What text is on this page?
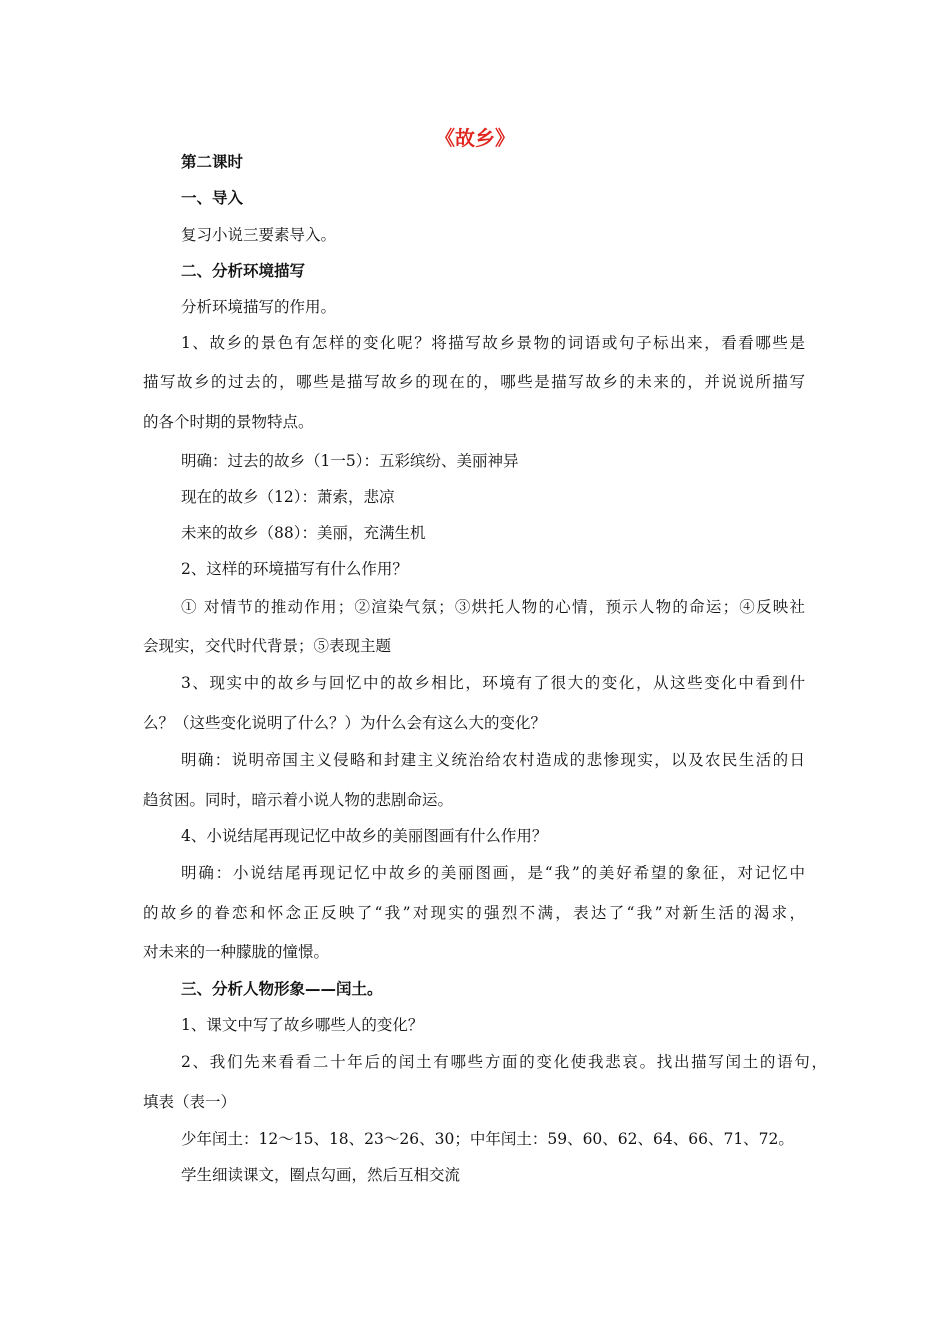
《故乡》
第二课时
一、导入
复习小说三要素导入。
二、分析环境描写
分析环境描写的作用。
1、故乡的景色有怎样的变化呢？将描写故乡景物的词语或句子标出来，看看哪些是
描写故乡的过去的，哪些是描写故乡的现在的，哪些是描写故乡的未来的，并说说所描写
的各个时期的景物特点。
明确：过去的故乡（1一5）：五彩缤纷、美丽神异
现在的故乡（12）：萧索，悲凉
未来的故乡（88）：美丽，充满生机
2、这样的环境描写有什么作用？
① 对情节的推动作用；②渲染气氛；③烘托人物的心情，预示人物的命运；④反映社
会现实，交代时代背景；⑤表现主题
3、现实中的故乡与回忆中的故乡相比，环境有了很大的变化，从这些变化中看到什
么？（这些变化说明了什么？）为什么会有这么大的变化？
明确：说明帝国主义侵略和封建主义统治给农村造成的悲惨现实，以及农民生活的日
趋贫困。同时，暗示着小说人物的悲剧命运。
4、小说结尾再现记忆中故乡的美丽图画有什么作用？
明确：小说结尾再现记忆中故乡的美丽图画，是“我”的美好希望的象征，对记忆中
的故乡的眷恋和怀念正反映了“我”对现实的强烈不满，表达了“我”对新生活的渴求，
对未来的一种朦胧的憧憬。
三、分析人物形象——闰土。
1、课文中写了故乡哪些人的变化？
2、我们先来看看二十年后的闰土有哪些方面的变化使我悲哀。找出描写闰土的语句，
填表（表一）
少年闰土：12～15、18、23～26、30；中年闰土：59、60、62、64、66、71、72。
学生细读课文，圈点勾画，然后互相交流
